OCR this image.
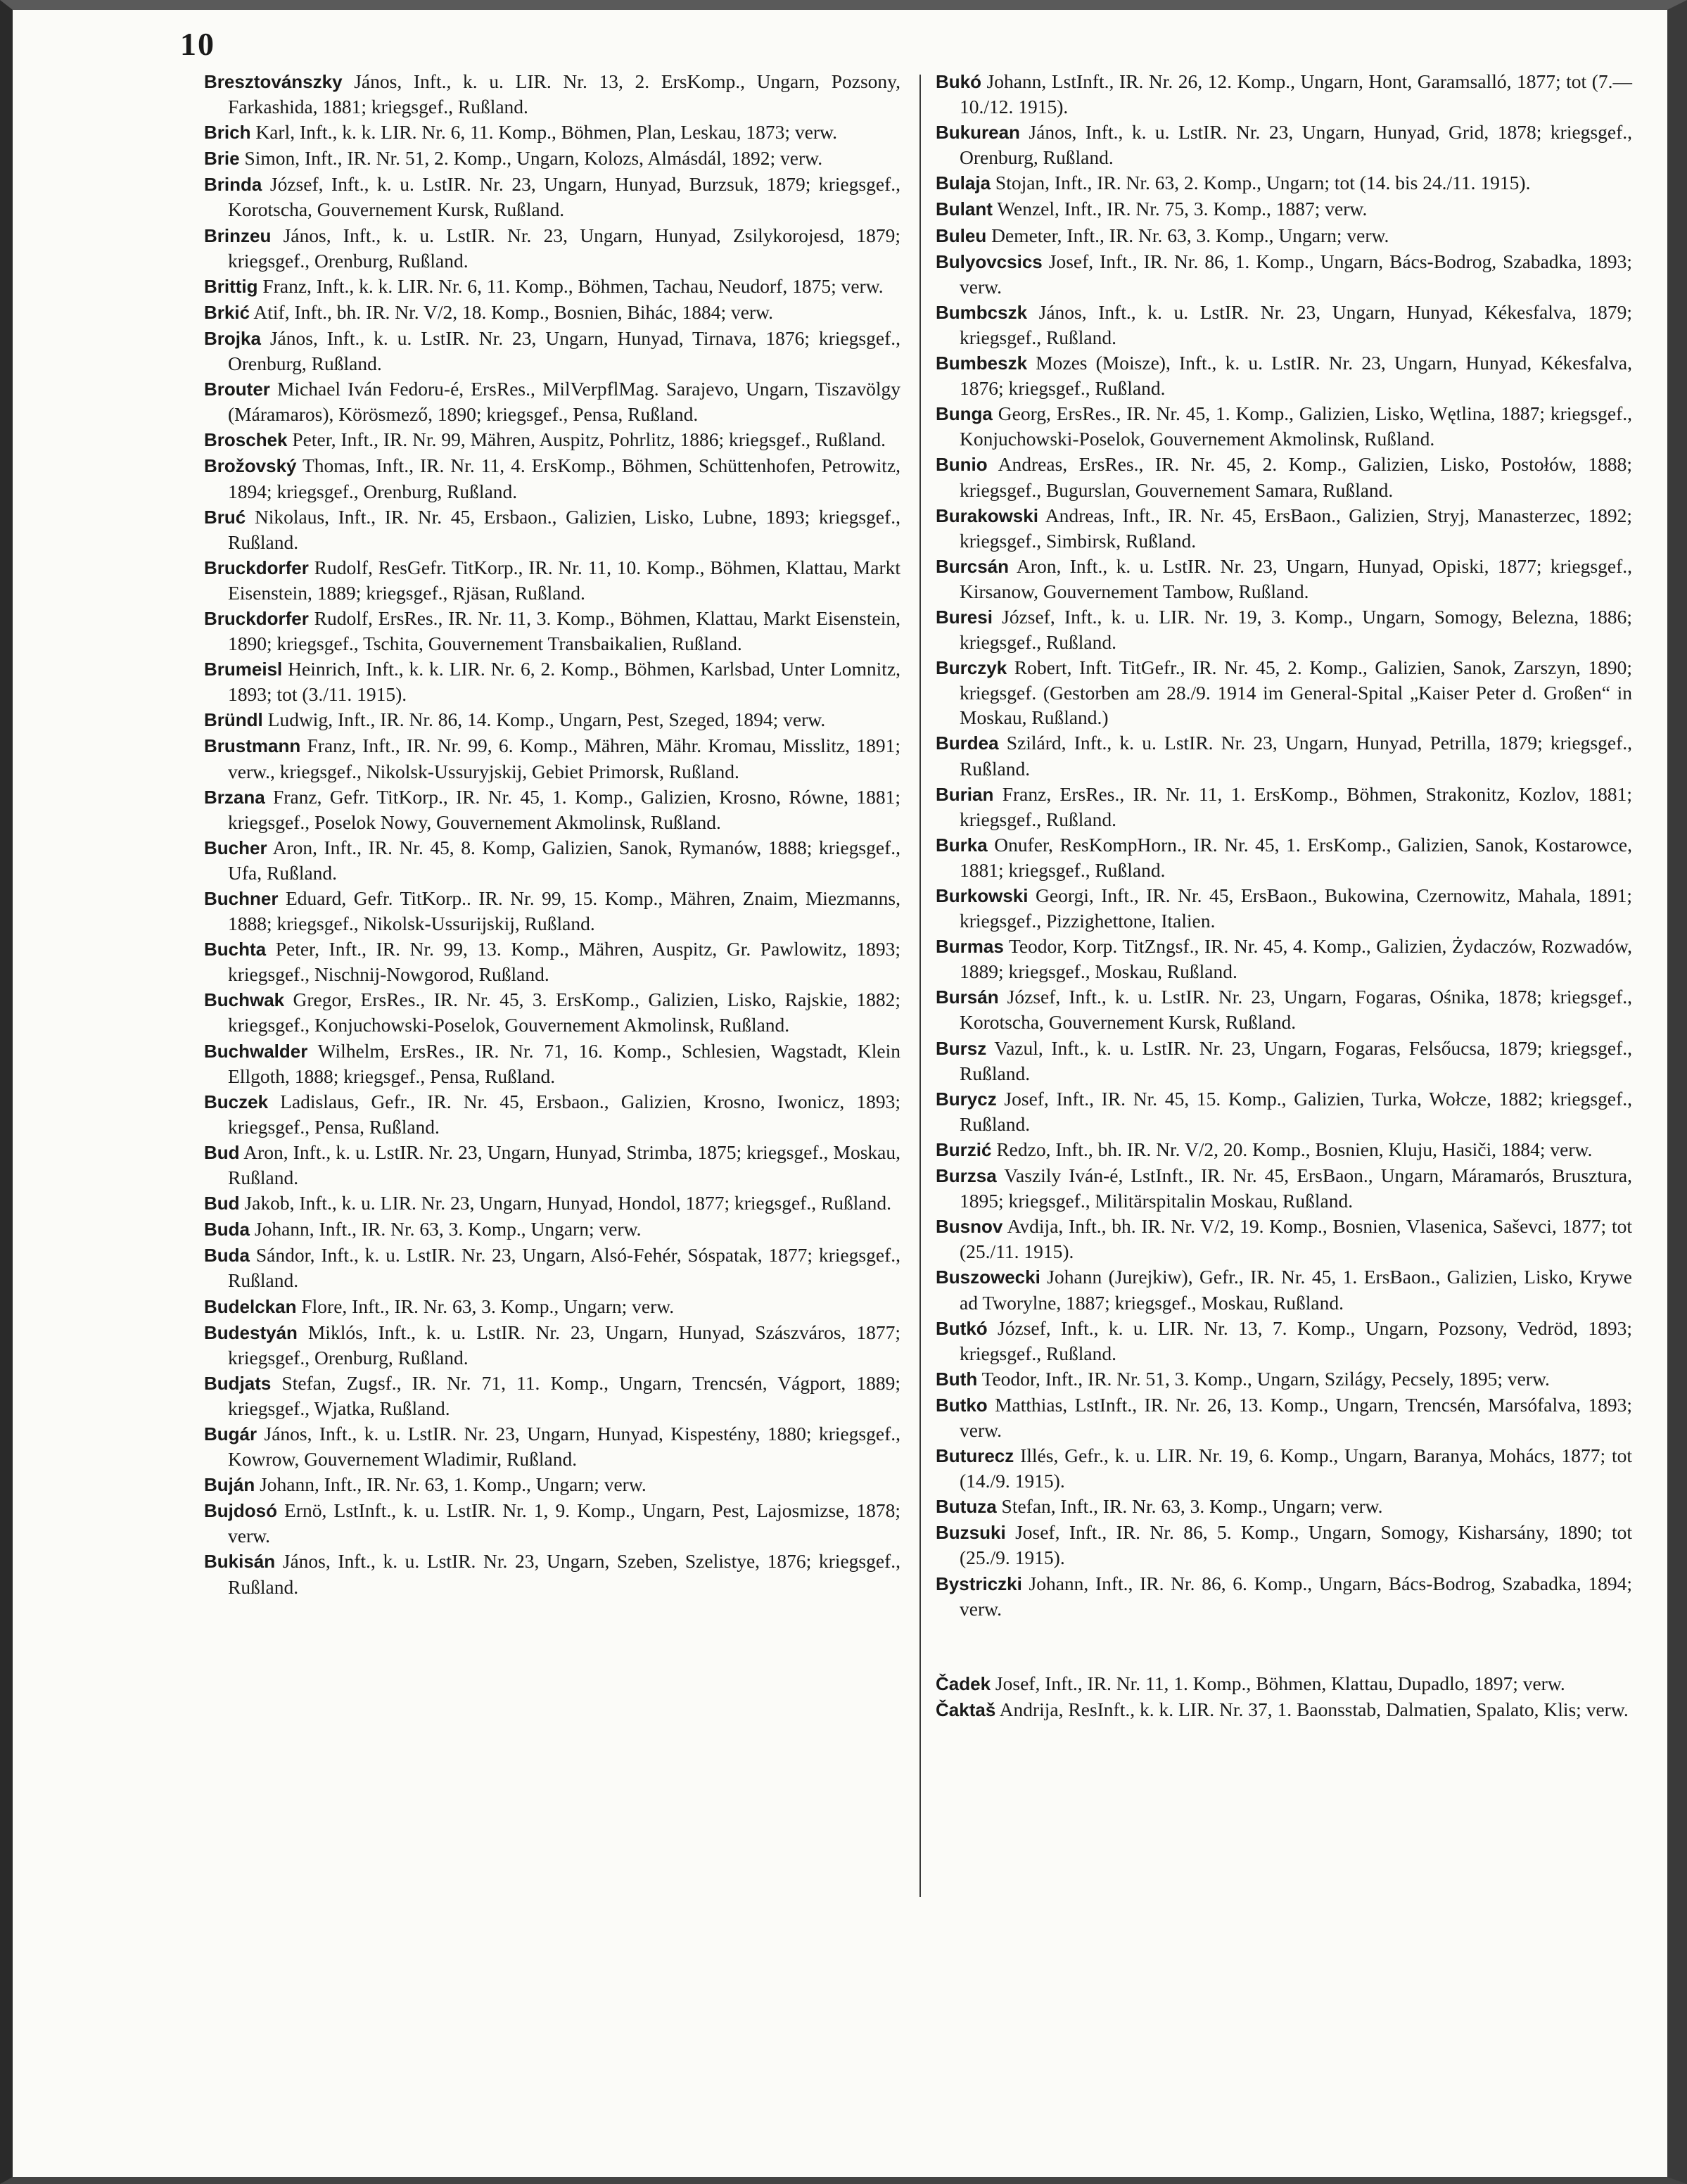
10

Bresztovánszky János, Inft., k. u. LIR. Nr. 13, 2. ErsKomp., Ungarn, Pozsony, Farkashida, 1881; kriegsgef., Rußland.

Brich Karl, Inft., k. k. LIR. Nr. 6, 11. Komp., Böhmen, Plan, Leskau, 1873; verw.

Brie Simon, Inft., IR. Nr. 51, 2. Komp., Ungarn, Kolozs, Almásdál, 1892; verw.

Brinda József, Inft., k. u. LstIR. Nr. 23, Ungarn, Hunyad, Burzsuk, 1879; kriegsgef., Korotscha, Gouvernement Kursk, Rußland.

Brinzeu János, Inft., k. u. LstIR. Nr. 23, Ungarn, Hunyad, Zsilykorojesd, 1879; kriegsgef., Orenburg, Rußland.

Brittig Franz, Inft., k. k. LIR. Nr. 6, 11. Komp., Böhmen, Tachau, Neudorf, 1875; verw.

Brkić Atif, Inft., bh. IR. Nr. V/2, 18. Komp., Bosnien, Bihác, 1884; verw.

Brojka János, Inft., k. u. LstIR. Nr. 23, Ungarn, Hunyad, Tirnava, 1876; kriegsgef., Orenburg, Rußland.

Brouter Michael Iván Fedoru-é, ErsRes., MilVerpflMag. Sarajevo, Ungarn, Tiszavölgy (Máramaros), Körösmező, 1890; kriegsgef., Pensa, Rußland.

Broschek Peter, Inft., IR. Nr. 99, Mähren, Auspitz, Pohrlitz, 1886; kriegsgef., Rußland.

Brožovský Thomas, Inft., IR. Nr. 11, 4. ErsKomp., Böhmen, Schüttenhofen, Petrowitz, 1894; kriegsgef., Orenburg, Rußland.

Bruć Nikolaus, Inft., IR. Nr. 45, Ersbaon., Galizien, Lisko, Lubne, 1893; kriegsgef., Rußland.

Bruckdorfer Rudolf, ResGefr. TitKorp., IR. Nr. 11, 10. Komp., Böhmen, Klattau, Markt Eisenstein, 1889; kriegsgef., Rjäsan, Rußland.

Bruckdorfer Rudolf, ErsRes., IR. Nr. 11, 3. Komp., Böhmen, Klattau, Markt Eisenstein, 1890; kriegsgef., Tschita, Gouvernement Transbaikalien, Rußland.

Brumeisl Heinrich, Inft., k. k. LIR. Nr. 6, 2. Komp., Böhmen, Karlsbad, Unter Lomnitz, 1893; tot (3./11. 1915).

Bründl Ludwig, Inft., IR. Nr. 86, 14. Komp., Ungarn, Pest, Szeged, 1894; verw.

Brustmann Franz, Inft., IR. Nr. 99, 6. Komp., Mähren, Mähr. Kromau, Misslitz, 1891; verw., kriegsgef., Nikolsk-Ussuryjskij, Gebiet Primorsk, Rußland.

Brzana Franz, Gefr. TitKorp., IR. Nr. 45, 1. Komp., Galizien, Krosno, Równe, 1881; kriegsgef., Poselok Nowy, Gouvernement Akmolinsk, Rußland.

Bucher Aron, Inft., IR. Nr. 45, 8. Komp, Galizien, Sanok, Rymanów, 1888; kriegsgef., Ufa, Rußland.

Buchner Eduard, Gefr. TitKorp.. IR. Nr. 99, 15. Komp., Mähren, Znaim, Miezmanns, 1888; kriegsgef., Nikolsk-Ussurijskij, Rußland.

Buchta Peter, Inft., IR. Nr. 99, 13. Komp., Mähren, Auspitz, Gr. Pawlowitz, 1893; kriegsgef., Nischnij-Nowgorod, Rußland.

Buchwak Gregor, ErsRes., IR. Nr. 45, 3. ErsKomp., Galizien, Lisko, Rajskie, 1882; kriegsgef., Konjuchowski-Poselok, Gouvernement Akmolinsk, Rußland.

Buchwalder Wilhelm, ErsRes., IR. Nr. 71, 16. Komp., Schlesien, Wagstadt, Klein Ellgoth, 1888; kriegsgef., Pensa, Rußland.

Buczek Ladislaus, Gefr., IR. Nr. 45, Ersbaon., Galizien, Krosno, Iwonicz, 1893; kriegsgef., Pensa, Rußland.

Bud Aron, Inft., k. u. LstIR. Nr. 23, Ungarn, Hunyad, Strimba, 1875; kriegsgef., Moskau, Rußland.

Bud Jakob, Inft., k. u. LIR. Nr. 23, Ungarn, Hunyad, Hondol, 1877; kriegsgef., Rußland.

Buda Johann, Inft., IR. Nr. 63, 3. Komp., Ungarn; verw.

Buda Sándor, Inft., k. u. LstIR. Nr. 23, Ungarn, Alsó-Fehér, Sóspatak, 1877; kriegsgef., Rußland.

Budelckan Flore, Inft., IR. Nr. 63, 3. Komp., Ungarn; verw.

Budestyán Miklós, Inft., k. u. LstIR. Nr. 23, Ungarn, Hunyad, Szászváros, 1877; kriegsgef., Orenburg, Rußland.

Budjats Stefan, Zugsf., IR. Nr. 71, 11. Komp., Ungarn, Trencsén, Vágport, 1889; kriegsgef., Wjatka, Rußland.

Bugár János, Inft., k. u. LstIR. Nr. 23, Ungarn, Hunyad, Kispestény, 1880; kriegsgef., Kowrow, Gouvernement Wladimir, Rußland.

Buján Johann, Inft., IR. Nr. 63, 1. Komp., Ungarn; verw.

Bujdosó Ernö, LstInft., k. u. LstIR. Nr. 1, 9. Komp., Ungarn, Pest, Lajosmizse, 1878; verw.

Bukisán János, Inft., k. u. LstIR. Nr. 23, Ungarn, Szeben, Szelistye, 1876; kriegsgef., Rußland.

Bukó Johann, LstInft., IR. Nr. 26, 12. Komp., Ungarn, Hont, Garamsalló, 1877; tot (7.—10./12. 1915).

Bukurean János, Inft., k. u. LstIR. Nr. 23, Ungarn, Hunyad, Grid, 1878; kriegsgef., Orenburg, Rußland.

Bulaja Stojan, Inft., IR. Nr. 63, 2. Komp., Ungarn; tot (14. bis 24./11. 1915).

Bulant Wenzel, Inft., IR. Nr. 75, 3. Komp., 1887; verw.

Buleu Demeter, Inft., IR. Nr. 63, 3. Komp., Ungarn; verw.

Bulyovcsics Josef, Inft., IR. Nr. 86, 1. Komp., Ungarn, Bács-Bodrog, Szabadka, 1893; verw.

Bumbcszk János, Inft., k. u. LstIR. Nr. 23, Ungarn, Hunyad, Kékesfalva, 1879; kriegsgef., Rußland.

Bumbeszk Mozes (Moisze), Inft., k. u. LstIR. Nr. 23, Ungarn, Hunyad, Kékesfalva, 1876; kriegsgef., Rußland.

Bunga Georg, ErsRes., IR. Nr. 45, 1. Komp., Galizien, Lisko, Wętlina, 1887; kriegsgef., Konjuchowski-Poselok, Gouvernement Akmolinsk, Rußland.

Bunio Andreas, ErsRes., IR. Nr. 45, 2. Komp., Galizien, Lisko, Postołów, 1888; kriegsgef., Bugurslan, Gouvernement Samara, Rußland.

Burakowski Andreas, Inft., IR. Nr. 45, ErsBaon., Galizien, Stryj, Manasterzec, 1892; kriegsgef., Simbirsk, Rußland.

Burcsán Aron, Inft., k. u. LstIR. Nr. 23, Ungarn, Hunyad, Opiski, 1877; kriegsgef., Kirsanow, Gouvernement Tambow, Rußland.

Buresi József, Inft., k. u. LIR. Nr. 19, 3. Komp., Ungarn, Somogy, Belezna, 1886; kriegsgef., Rußland.

Burczyk Robert, Inft. TitGefr., IR. Nr. 45, 2. Komp., Galizien, Sanok, Zarszyn, 1890; kriegsgef. (Gestorben am 28./9. 1914 im General-Spital „Kaiser Peter d. Großen“ in Moskau, Rußland.)

Burdea Szilárd, Inft., k. u. LstIR. Nr. 23, Ungarn, Hunyad, Petrilla, 1879; kriegsgef., Rußland.

Burian Franz, ErsRes., IR. Nr. 11, 1. ErsKomp., Böhmen, Strakonitz, Kozlov, 1881; kriegsgef., Rußland.

Burka Onufer, ResKompHorn., IR. Nr. 45, 1. ErsKomp., Galizien, Sanok, Kostarowce, 1881; kriegsgef., Rußland.

Burkowski Georgi, Inft., IR. Nr. 45, ErsBaon., Bukowina, Czernowitz, Mahala, 1891; kriegsgef., Pizzighettone, Italien.

Burmas Teodor, Korp. TitZngsf., IR. Nr. 45, 4. Komp., Galizien, Żydaczów, Rozwadów, 1889; kriegsgef., Moskau, Rußland.

Bursán József, Inft., k. u. LstIR. Nr. 23, Ungarn, Fogaras, Ośnika, 1878; kriegsgef., Korotscha, Gouvernement Kursk, Rußland.

Bursz Vazul, Inft., k. u. LstIR. Nr. 23, Ungarn, Fogaras, Felsőucsa, 1879; kriegsgef., Rußland.

Burycz Josef, Inft., IR. Nr. 45, 15. Komp., Galizien, Turka, Wołcze, 1882; kriegsgef., Rußland.

Burzić Redzo, Inft., bh. IR. Nr. V/2, 20. Komp., Bosnien, Kluju, Hasiči, 1884; verw.

Burzsa Vaszily Iván-é, LstInft., IR. Nr. 45, ErsBaon., Ungarn, Máramarós, Brusztura, 1895; kriegsgef., Militärspitalin Moskau, Rußland.

Busnov Avdija, Inft., bh. IR. Nr. V/2, 19. Komp., Bosnien, Vlasenica, Saševci, 1877; tot (25./11. 1915).

Buszowecki Johann (Jurejkiw), Gefr., IR. Nr. 45, 1. ErsBaon., Galizien, Lisko, Krywe ad Tworylne, 1887; kriegsgef., Moskau, Rußland.

Butkó József, Inft., k. u. LIR. Nr. 13, 7. Komp., Ungarn, Pozsony, Vedröd, 1893; kriegsgef., Rußland.

Buth Teodor, Inft., IR. Nr. 51, 3. Komp., Ungarn, Szilágy, Pecsely, 1895; verw.

Butko Matthias, LstInft., IR. Nr. 26, 13. Komp., Ungarn, Trencsén, Marsófalva, 1893; verw.

Buturecz Illés, Gefr., k. u. LIR. Nr. 19, 6. Komp., Ungarn, Baranya, Mohács, 1877; tot (14./9. 1915).

Butuza Stefan, Inft., IR. Nr. 63, 3. Komp., Ungarn; verw.

Buzsuki Josef, Inft., IR. Nr. 86, 5. Komp., Ungarn, Somogy, Kisharsány, 1890; tot (25./9. 1915).

Bystriczki Johann, Inft., IR. Nr. 86, 6. Komp., Ungarn, Bács-Bodrog, Szabadka, 1894; verw.

Čadek Josef, Inft., IR. Nr. 11, 1. Komp., Böhmen, Klattau, Dupadlo, 1897; verw.

Čaktaš Andrija, ResInft., k. k. LIR. Nr. 37, 1. Baonsstab, Dalmatien, Spalato, Klis; verw.
